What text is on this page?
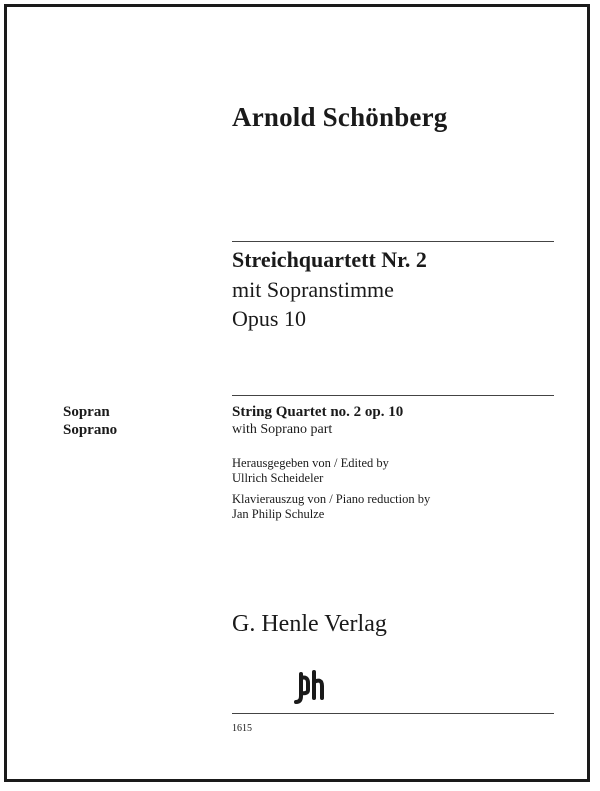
Arnold Schönberg
Streichquartett Nr. 2
mit Sopranstimme
Opus 10
Sopran
Soprano
String Quartet no. 2 op. 10
with Soprano part
Herausgegeben von / Edited by
Ullrich Scheideler
Klavierauszug von / Piano reduction by
Jan Philip Schulze
G. Henle Verlag
1615
